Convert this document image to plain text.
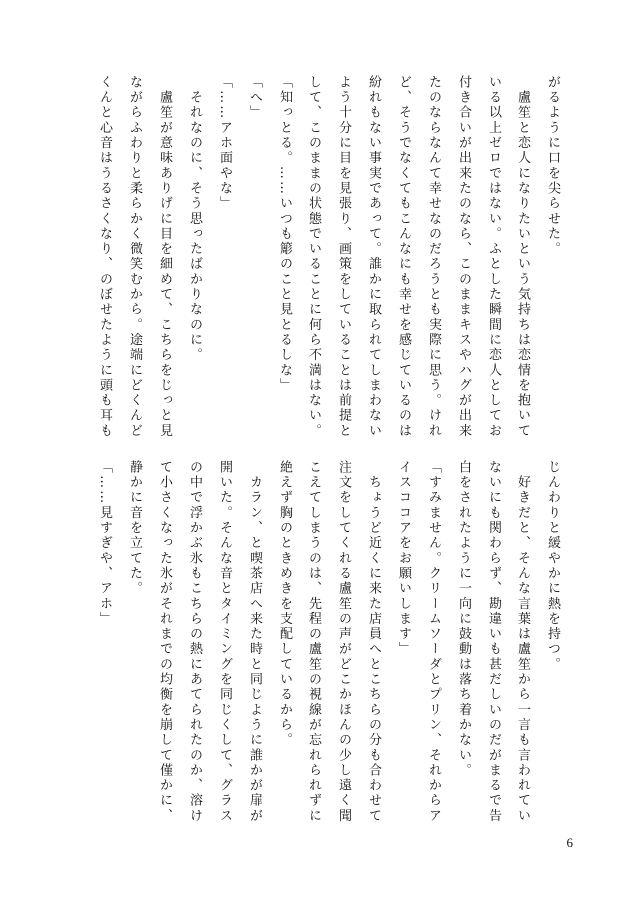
がるように口を尖らせた。

　盧笙と恋人になりたいという気持ちは恋情を抱いて

いる以上ゼロではない。ふとした瞬間に恋人としてお

付き合いが出来たのなら、このままキスやハグが出来

たのならなんて幸せなのだろうとも実際に思う。けれ

ど、そうでなくてもこんなにも幸せを感じているのは

紛れもない事実であって。誰かに取られてしまわない

よう十分に目を見張り、画策をしていることは前提と

して、このままの状態でいることに何ら不満はない。

「知っとる。……いつも簓のこと見とるしな」

「へ」

「……アホ面やな」

　それなのに、そう思ったばかりなのに。

　盧笙が意味ありげに目を細めて、こちらをじっと見

ながらふわりと柔らかく微笑むから。途端にどくんど

くんと心音はうるさくなり、のぼせたように頭も耳も

じんわりと緩やかに熱を持つ。

　好きだと、そんな言葉は盧笙から一言も言われてい

ないにも関わらず、勘違いも甚だしいのだがまるで告

白をされたように一向に鼓動は落ち着かない。

「すみません。クリームソーダとプリン、それからア

イスココアをお願いします」

　ちょうど近くに来た店員へとこちらの分も合わせて

注文をしてくれる盧笙の声がどこかほんの少し遠く聞

こえてしまうのは、先程の盧笙の視線が忘れられずに

絶えず胸のときめきを支配しているから。

　カラン、と喫茶店へ来た時と同じように誰かが扉が

開いた。そんな音とタイミングを同じくして、グラス

の中で浮かぶ氷もこちらの熱にあてられたのか、溶け

て小さくなった氷がそれまでの均衡を崩して僅かに、

静かに音を立てた。

「……見すぎや、アホ」

6
